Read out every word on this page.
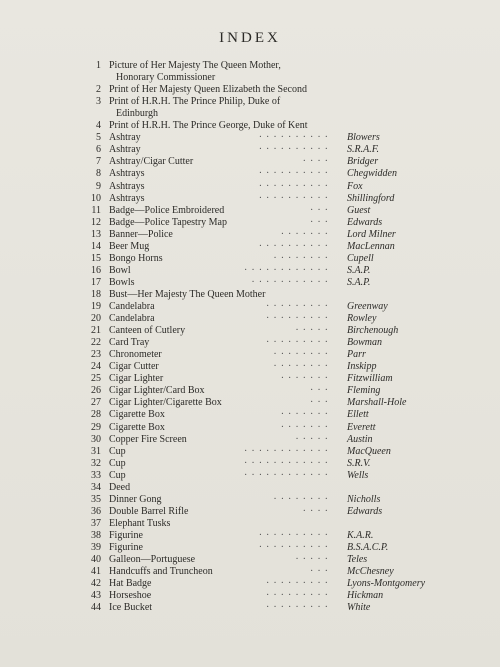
INDEX
1 Picture of Her Majesty The Queen Mother,
Honorary Commissioner
2 Print of Her Majesty Queen Elizabeth the Second
3 Print of H.R.H. The Prince Philip, Duke of
Edinburgh
4 Print of H.R.H. The Prince George, Duke of Kent
5 Ashtray	·········· Blowers
6 Ashtray	·········· S.R.A.F.
7 Ashtray/Cigar Cutter	···· Bridger
8 Ashtrays	·········· Chegwidden
9 Ashtrays	·········· Fox
10 Ashtrays	·········· Shillingford
11 Badge—Police Embroidered	··· Guest
12 Badge—Police Tapestry Map	··· Edwards
13 Banner—Police	······· Lord Milner
14 Beer Mug	·········· MacLennan
15 Bongo Horns	········ Cupell
16 Bowl	············ S.A.P.
17 Bowls	··········· S.A.P.
18 Bust—Her Majesty The Queen Mother
19 Candelabra	········· Greenway
20 Candelabra	········· Rowley
21 Canteen of Cutlery	····· Birchenough
22 Card Tray	········· Bowman
23 Chronometer	········ Parr
24 Cigar Cutter	········ Inskipp
25 Cigar Lighter	······· Fitzwilliam
26 Cigar Lighter/Card Box	··· Fleming
27 Cigar Lighter/Cigarette Box	··· Marshall-Hole
28 Cigarette Box	······· Ellett
29 Cigarette Box	······· Everett
30 Copper Fire Screen	····· Austin
31 Cup	············ MacQueen
32 Cup	············ S.R.V.
33 Cup	············ Wells
34 Deed
35 Dinner Gong	········ Nicholls
36 Double Barrel Rifle	···· Edwards
37 Elephant Tusks
38 Figurine	·········· K.A.R.
39 Figurine	·········· B.S.A.C.P.
40 Galleon—Portuguese	····· Teles
41 Handcuffs and Truncheon	··· McChesney
42 Hat Badge	········· Lyons-Montgomery
43 Horseshoe	········· Hickman
44 Ice Bucket	········· White
